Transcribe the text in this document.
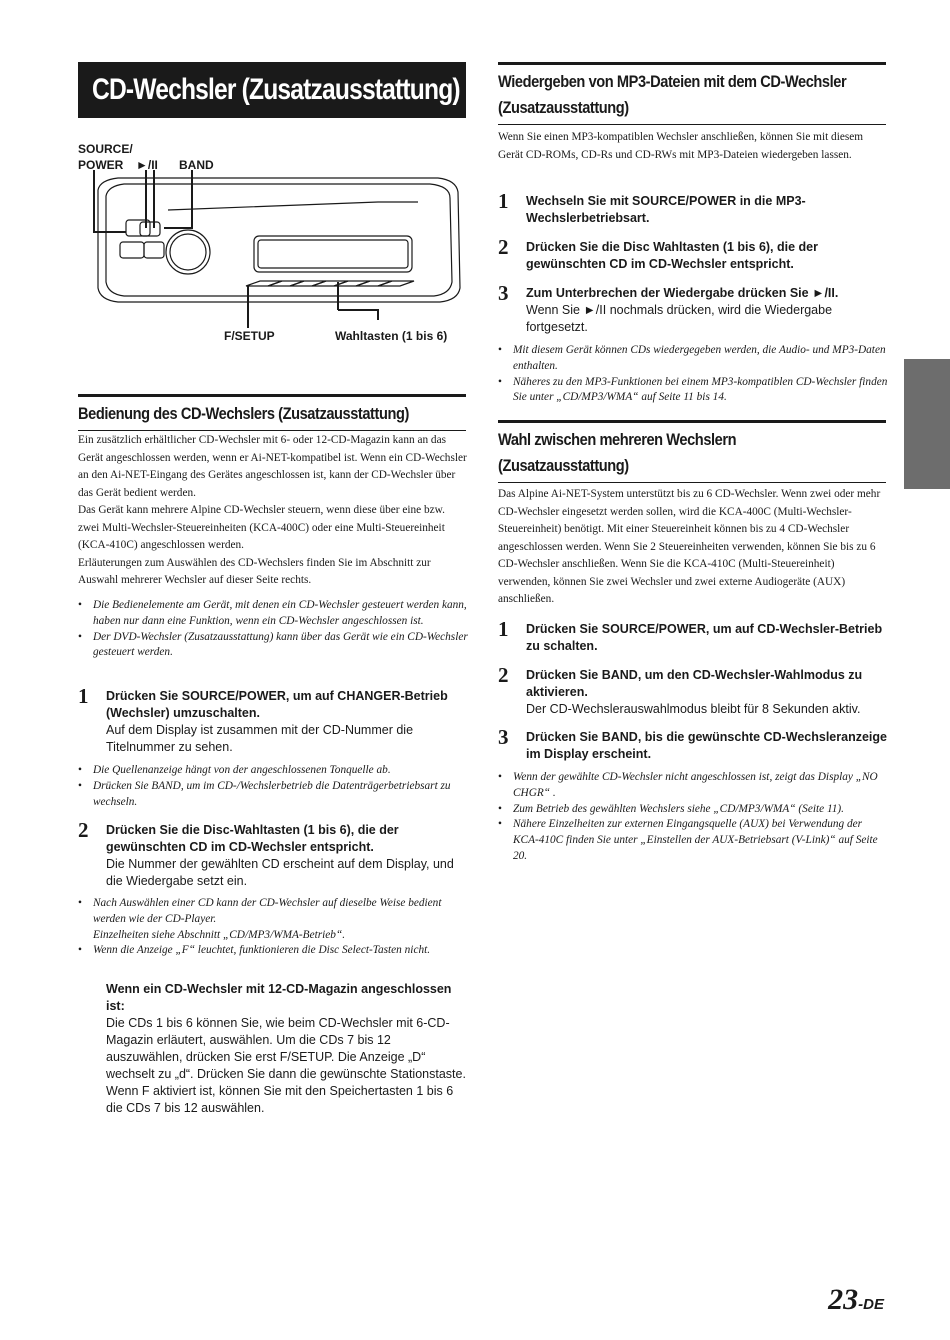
CD-Wechsler (Zusatzausstattung)
SOURCE/
POWER ►/II BAND
F/SETUP	Wahltasten (1 bis 6)
Bedienung des CD-Wechslers (Zusatzausstattung)

Ein zusätzlich erhältlicher CD-Wechsler mit 6- oder 12-CD-Magazin kann an das Gerät angeschlossen werden, wenn er Ai-NET-kompatibel ist. Wenn ein CD-Wechsler an den Ai-NET-Eingang des Gerätes angeschlossen ist, kann der CD-Wechsler über das Gerät bedient werden.

Das Gerät kann mehrere Alpine CD-Wechsler steuern, wenn diese über eine bzw. zwei Multi-Wechsler-Steuereinheiten (KCA-400C) oder eine Multi-Steuereinheit (KCA-410C) angeschlossen werden.

Erläuterungen zum Auswählen des CD-Wechslers finden Sie im Abschnitt zur Auswahl mehrerer Wechsler auf dieser Seite rechts.

• Die Bedienelemente am Gerät, mit denen ein CD-Wechsler gesteuert werden kann, haben nur dann eine Funktion, wenn ein CD-Wechsler angeschlossen ist.
• Der DVD-Wechsler (Zusatzausstattung) kann über das Gerät wie ein CD-Wechsler gesteuert werden.
1 Drücken Sie SOURCE/POWER, um auf CHANGER-Betrieb (Wechsler) umzuschalten.
Auf dem Display ist zusammen mit der CD-Nummer die Titelnummer zu sehen.
• Die Quellenanzeige hängt von der angeschlossenen Tonquelle ab.
• Drücken Sie BAND, um im CD-/Wechslerbetrieb die Datenträgerbetriebsart zu wechseln.
2 Drücken Sie die Disc-Wahltasten (1 bis 6), die der gewünschten CD im CD-Wechsler entspricht.
Die Nummer der gewählten CD erscheint auf dem Display, und die Wiedergabe setzt ein.
• Nach Auswählen einer CD kann der CD-Wechsler auf dieselbe Weise bedient werden wie der CD-Player.
Einzelheiten siehe Abschnitt „CD/MP3/WMA-Betrieb“.
• Wenn die Anzeige „F“ leuchtet, funktionieren die Disc Select-Tasten nicht.
Wenn ein CD-Wechsler mit 12-CD-Magazin angeschlossen ist:
Die CDs 1 bis 6 können Sie, wie beim CD-Wechsler mit 6-CD-Magazin erläutert, auswählen. Um die CDs 7 bis 12 auszuwählen, drücken Sie erst F/SETUP. Die Anzeige „D“ wechselt zu „d“. Drücken Sie dann die gewünschte Stationstaste. Wenn F aktiviert ist, können Sie mit den Speichertasten 1 bis 6 die CDs 7 bis 12 auswählen.
Wiedergeben von MP3-Dateien mit dem CD-Wechsler
(Zusatzausstattung)

Wenn Sie einen MP3-kompatiblen Wechsler anschließen, können Sie mit diesem Gerät CD-ROMs, CD-Rs und CD-RWs mit MP3-Dateien wiedergeben lassen.

1 Wechseln Sie mit SOURCE/POWER in die MP3-Wechslerbetriebsart.
2 Drücken Sie die Disc Wahltasten (1 bis 6), die der gewünschten CD im CD-Wechsler entspricht.
3 Zum Unterbrechen der Wiedergabe drücken Sie ►/II.
Wenn Sie ►/II nochmals drücken, wird die Wiedergabe fortgesetzt.
• Mit diesem Gerät können CDs wiedergegeben werden, die Audio- und MP3-Daten enthalten.
• Näheres zu den MP3-Funktionen bei einem MP3-kompatiblen CD-Wechsler finden Sie unter „CD/MP3/WMA“ auf Seite 11 bis 14.
Wahl zwischen mehreren Wechslern
(Zusatzausstattung)

Das Alpine Ai-NET-System unterstützt bis zu 6 CD-Wechsler. Wenn zwei oder mehr CD-Wechsler eingesetzt werden sollen, wird die KCA-400C (Multi-Wechsler-Steuereinheit) benötigt. Mit einer Steuereinheit können bis zu 4 CD-Wechsler angeschlossen werden. Wenn Sie 2 Steuereinheiten verwenden, können Sie bis zu 6 CD-Wechsler anschließen. Wenn Sie die KCA-410C (Multi-Steuereinheit) verwenden, können Sie zwei Wechsler und zwei externe Audiogeräte (AUX) anschließen.

1 Drücken Sie SOURCE/POWER, um auf CD-Wechsler-Betrieb zu schalten.
2 Drücken Sie BAND, um den CD-Wechsler-Wahlmodus zu aktivieren.
Der CD-Wechslerauswahlmodus bleibt für 8 Sekunden aktiv.
3 Drücken Sie BAND, bis die gewünschte CD-Wechsleranzeige im Display erscheint.
• Wenn der gewählte CD-Wechsler nicht angeschlossen ist, zeigt das Display „NO CHGR“ .
• Zum Betrieb des gewählten Wechslers siehe „CD/MP3/WMA“ (Seite 11).
• Nähere Einzelheiten zur externen Eingangsquelle (AUX) bei Verwendung der KCA-410C finden Sie unter „Einstellen der AUX-Betriebsart (V-Link)“ auf Seite 20.
23-DE
